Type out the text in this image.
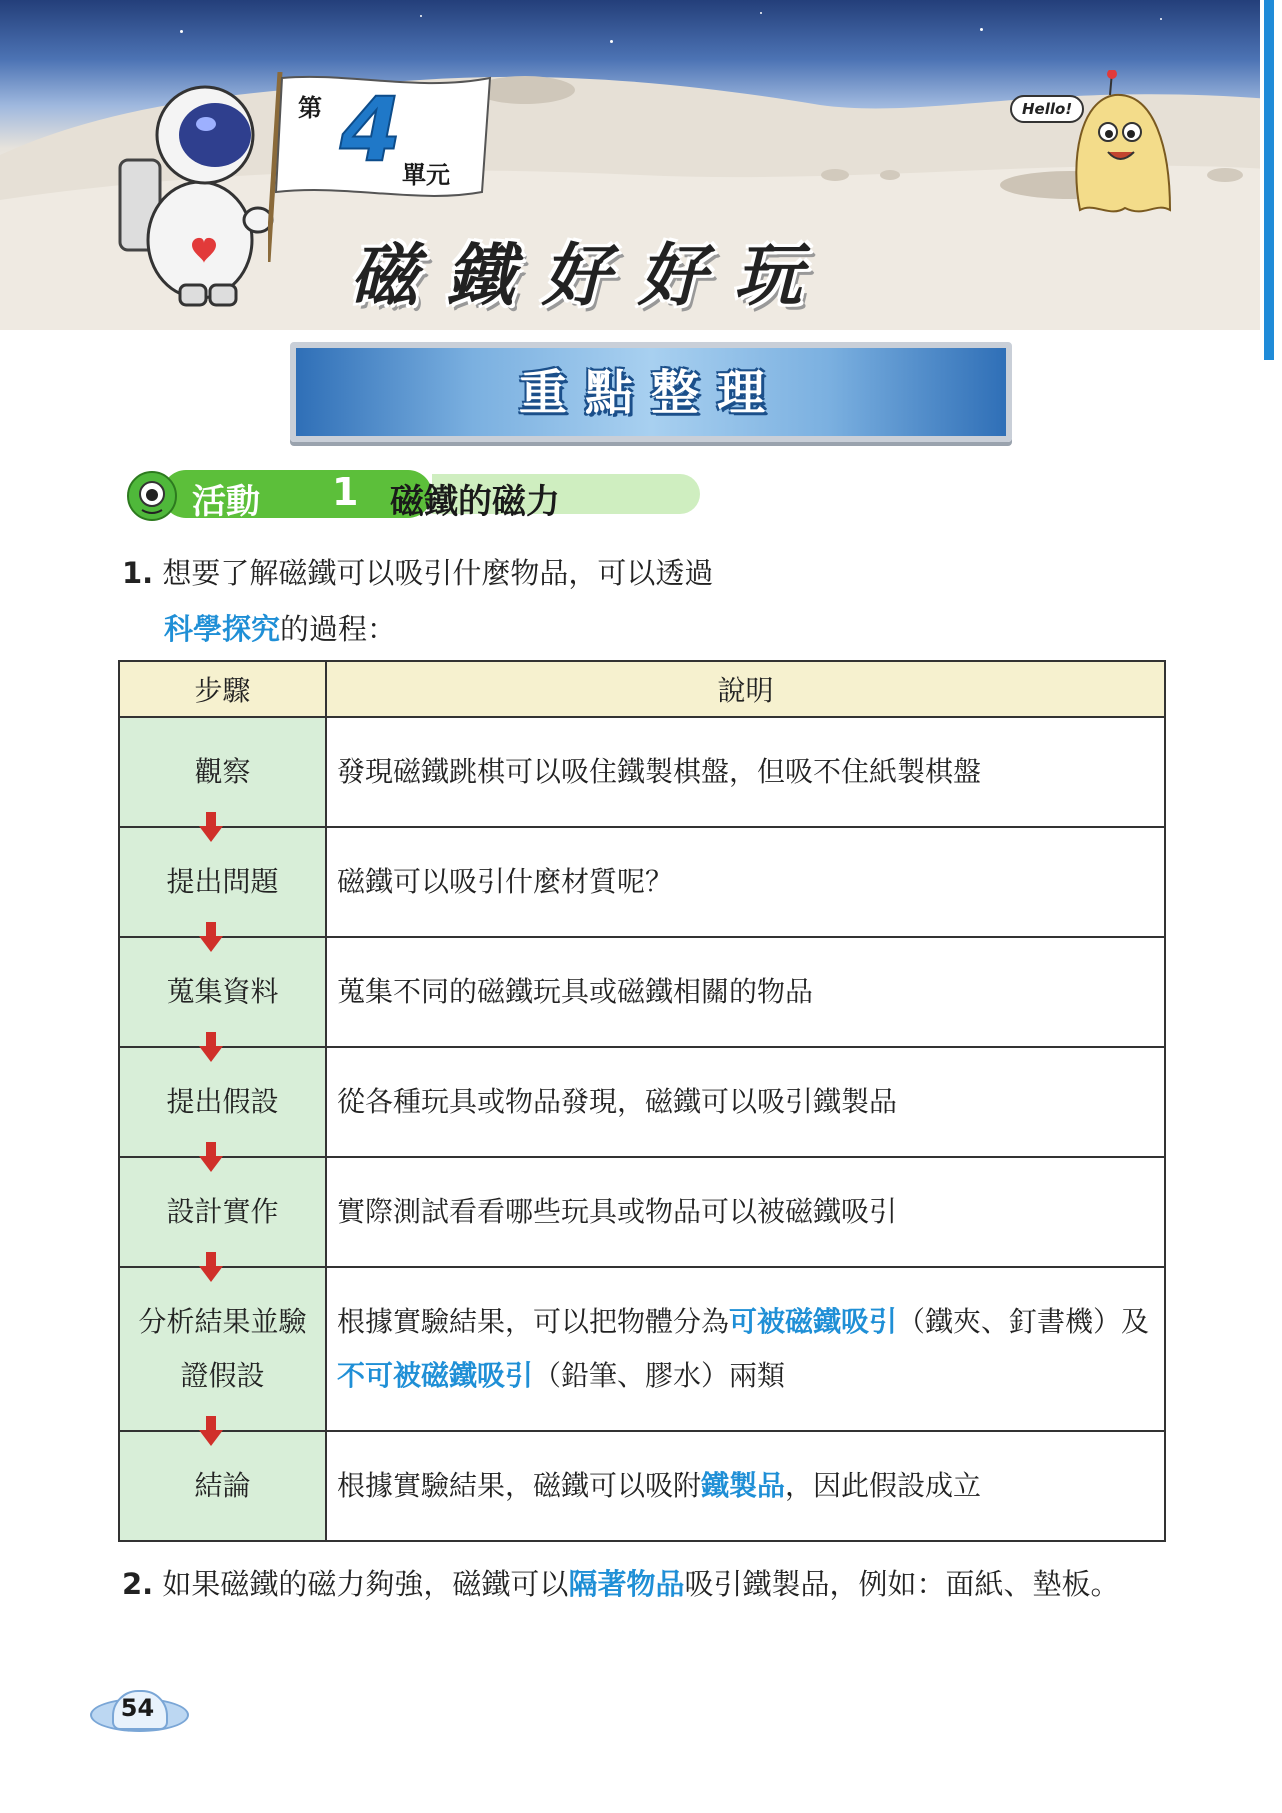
第 4 單元
磁鐵好好玩
Hello!
重點整理
活動 1 磁鐵的磁力
1. 想要了解磁鐵可以吸引什麼物品，可以透過
科學探究的過程：
步驟	說明
觀察	發現磁鐵跳棋可以吸住鐵製棋盤，但吸不住紙製棋盤
提出問題	磁鐵可以吸引什麼材質呢？
蒐集資料	蒐集不同的磁鐵玩具或磁鐵相關的物品
提出假設	從各種玩具或物品發現，磁鐵可以吸引鐵製品
設計實作	實際測試看看哪些玩具或物品可以被磁鐵吸引
分析結果並驗證假設	根據實驗結果，可以把物體分為可被磁鐵吸引（鐵夾、釘書機）及不可被磁鐵吸引（鉛筆、膠水）兩類
結論	根據實驗結果，磁鐵可以吸附鐵製品，因此假設成立
2. 如果磁鐵的磁力夠強，磁鐵可以隔著物品吸引鐵製品，例如：面紙、墊板。
54
